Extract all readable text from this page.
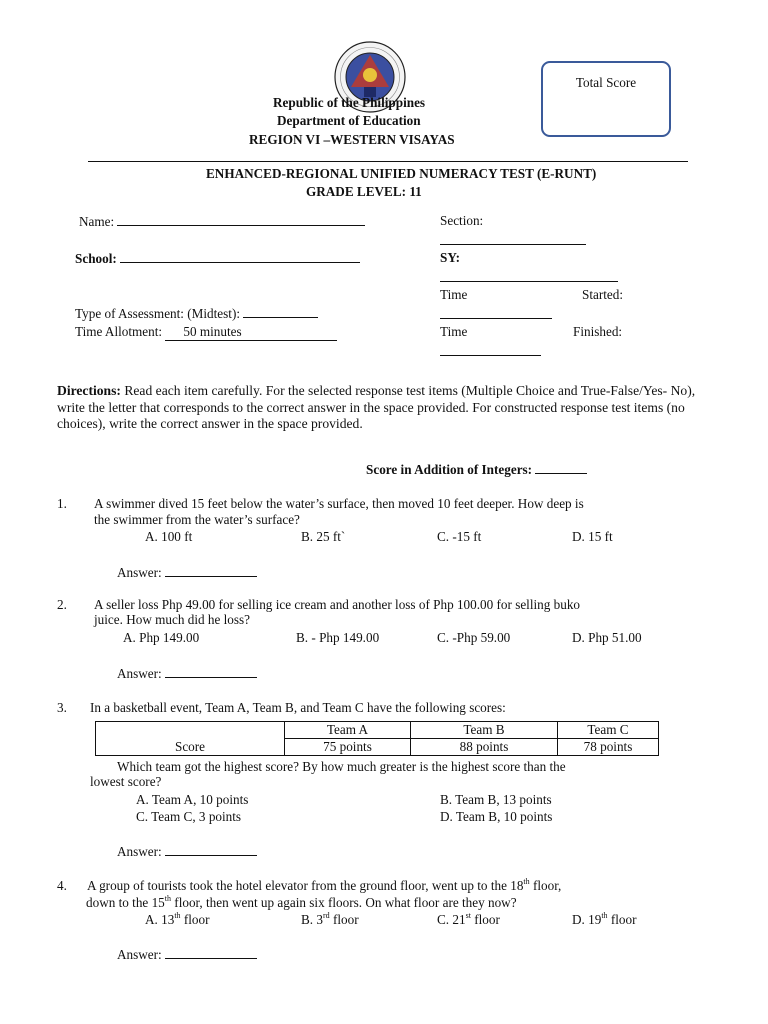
Republic of the Philippines
Department of Education
REGION VI –WESTERN VISAYAS
Total Score
ENHANCED-REGIONAL UNIFIED NUMERACY TEST (E-RUNT)
GRADE LEVEL: 11
Name:	Section:
School:	SY:
Time	Started:
Type of Assessment: (Midtest):
Time Allotment: 50 minutes	Time	Finished:
Directions: Read each item carefully. For the selected response test items (Multiple Choice and True-False/Yes- No), write the letter that corresponds to the correct answer in the space provided. For constructed response test items (no choices), write the correct answer in the space provided.
Score in Addition of Integers:
1. A swimmer dived 15 feet below the water’s surface, then moved 10 feet deeper. How deep is
the swimmer from the water’s surface?
A. 100 ft	B. 25 ft`	C. -15 ft	D. 15 ft
Answer:
2. A seller loss Php 49.00 for selling ice cream and another loss of Php 100.00 for selling buko
juice. How much did he loss?
A. Php 149.00	B. - Php 149.00	C. -Php 59.00	D. Php 51.00
Answer:
3. In a basketball event, Team A, Team B, and Team C have the following scores:
	Team A	Team B	Team C
Score	75 points	88 points	78 points
Which team got the highest score? By how much greater is the highest score than the
lowest score?
A. Team A, 10 points	B. Team B, 13 points
C. Team C, 3 points	D. Team B, 10 points
Answer:
4. A group of tourists took the hotel elevator from the ground floor, went up to the 18th floor,
down to the 15th floor, then went up again six floors. On what floor are they now?
A. 13th floor	B. 3rd floor	C. 21st floor	D. 19th floor
Answer:
